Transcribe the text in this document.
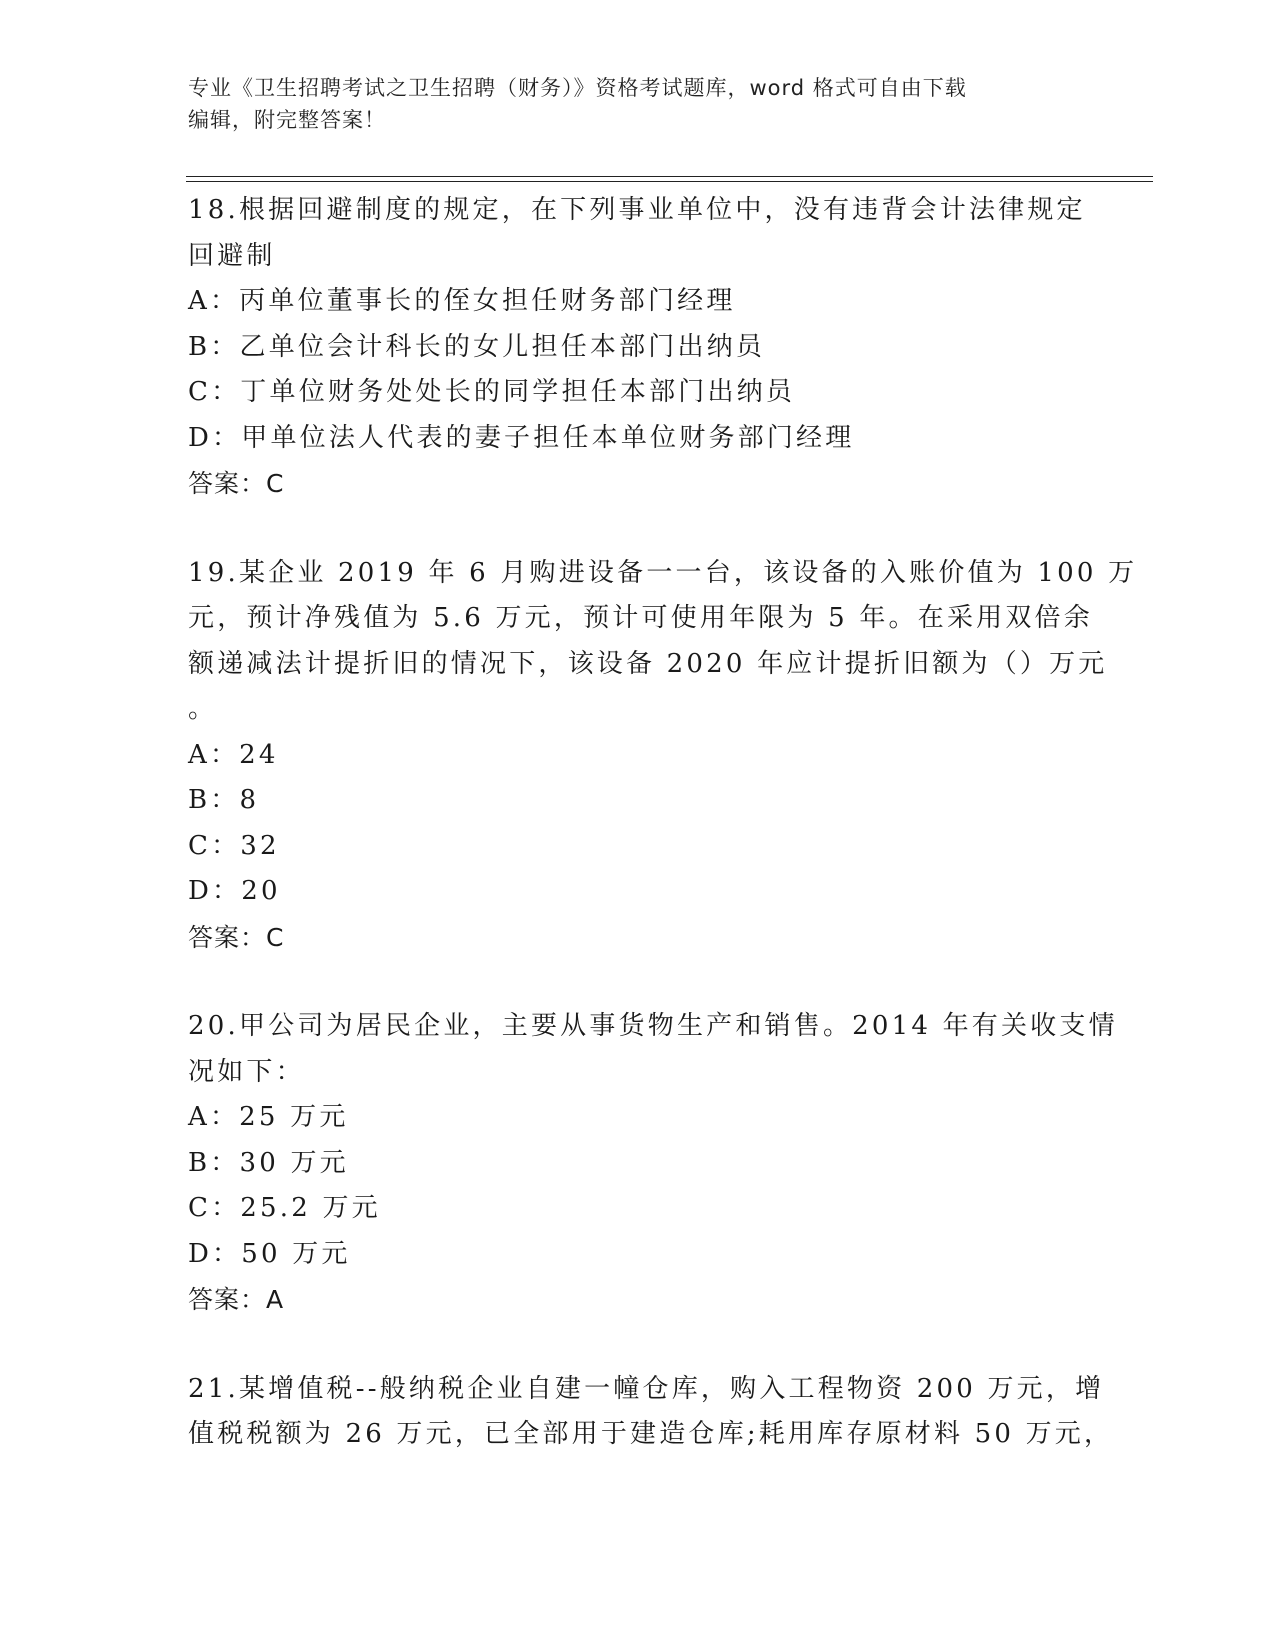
专业《卫生招聘考试之卫生招聘（财务）》资格考试题库，word 格式可自由下载
编辑，附完整答案！
18.根据回避制度的规定，在下列事业单位中，没有违背会计法律规定
回避制
A：丙单位董事长的侄女担任财务部门经理
B：乙单位会计科长的女儿担任本部门出纳员
C：丁单位财务处处长的同学担任本部门出纳员
D：甲单位法人代表的妻子担任本单位财务部门经理
答案：C
19.某企业 2019 年 6 月购进设备一一台，该设备的入账价值为 100 万
元，预计净残值为 5.6 万元，预计可使用年限为 5 年。在采用双倍余
额递减法计提折旧的情况下，该设备 2020 年应计提折旧额为（）万元
。
A：24
B：8
C：32
D：20
答案：C
20.甲公司为居民企业，主要从事货物生产和销售。2014 年有关收支情
况如下：
A：25 万元
B：30 万元
C：25.2 万元
D：50 万元
答案：A
21.某增值税--般纳税企业自建一幢仓库，购入工程物资 200 万元，增
值税税额为 26 万元，已全部用于建造仓库;耗用库存原材料 50 万元，
